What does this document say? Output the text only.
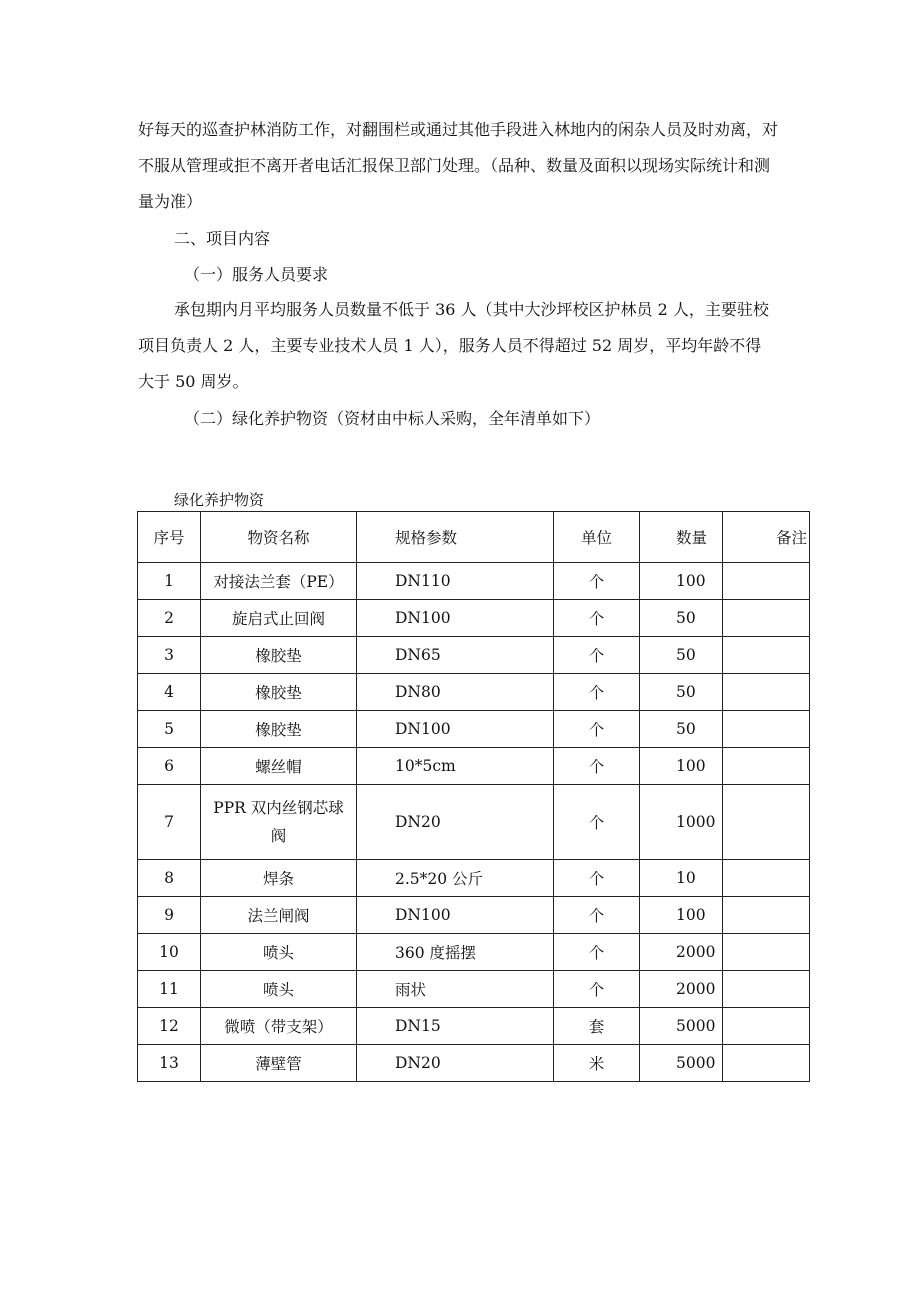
好每天的巡查护林消防工作，对翻围栏或通过其他手段进入林地内的闲杂人员及时劝离，对
不服从管理或拒不离开者电话汇报保卫部门处理。（品种、数量及面积以现场实际统计和测
量为准）
二、项目内容
（一）服务人员要求
承包期内月平均服务人员数量不低于 36 人（其中大沙坪校区护林员 2 人，主要驻校
项目负责人 2 人，主要专业技术人员 1 人），服务人员不得超过 52 周岁，平均年龄不得
大于 50 周岁。
（二）绿化养护物资（资材由中标人采购，全年清单如下）
绿化养护物资
序号	物资名称	规格参数	单位	数量	备注
1	对接法兰套（PE）	DN110	个	100	
2	旋启式止回阀	DN100	个	50	
3	橡胶垫	DN65	个	50	
4	橡胶垫	DN80	个	50	
5	橡胶垫	DN100	个	50	
6	螺丝帽	10*5cm	个	100	
7	PPR 双内丝钢芯球
阀	DN20	个	1000	
8	焊条	2.5*20 公斤	个	10	
9	法兰闸阀	DN100	个	100	
10	喷头	360 度摇摆	个	2000	
11	喷头	雨状	个	2000	
12	微喷（带支架）	DN15	套	5000	
13	薄壁管	DN20	米	5000	
